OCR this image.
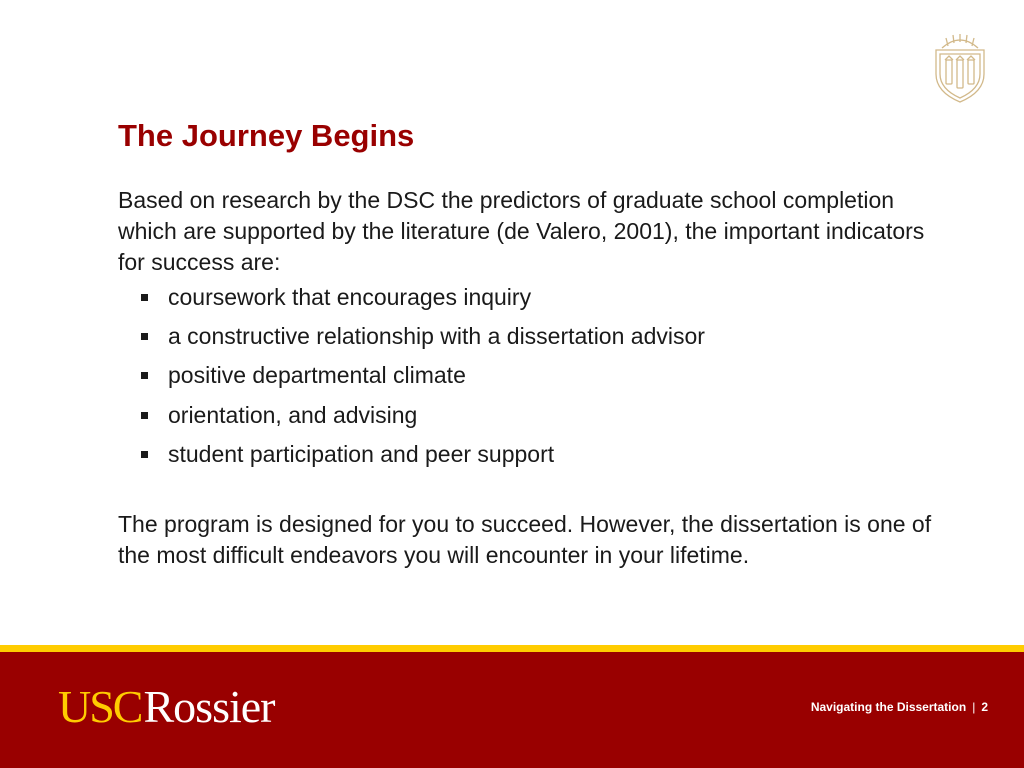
The Journey Begins

Based on research by the DSC the predictors of graduate school completion which are supported by the literature (de Valero, 2001), the important indicators for success are:

coursework that encourages inquiry
a constructive relationship with a dissertation advisor
positive departmental climate
orientation, and advising
student participation and peer support

The program is designed for you to succeed. However, the dissertation is one of the most difficult endeavors you will encounter in your lifetime.

USCRossier	Navigating the Dissertation | 2
